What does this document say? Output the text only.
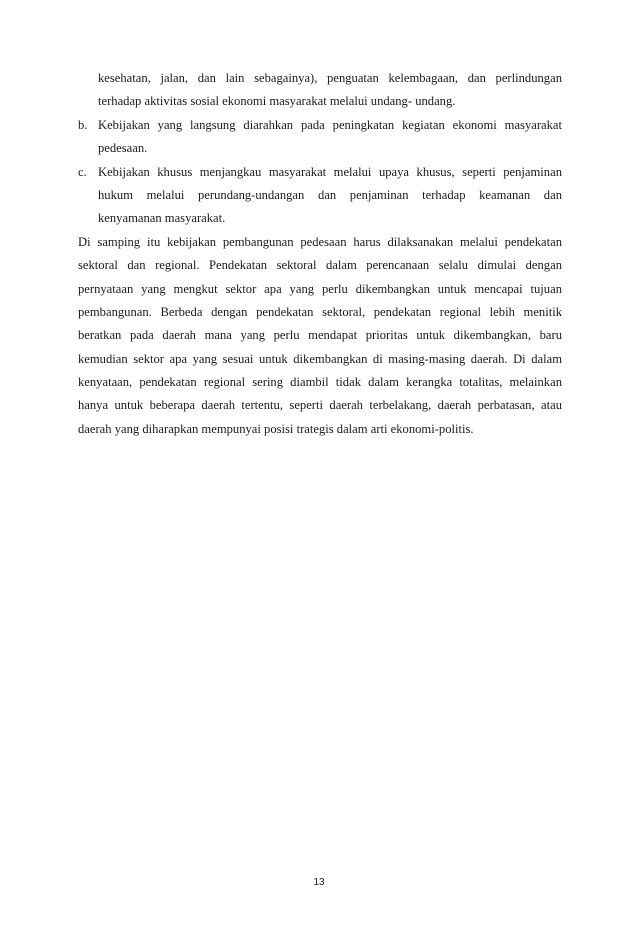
kesehatan, jalan, dan lain sebagainya), penguatan kelembagaan, dan perlindungan
terhadap aktivitas sosial ekonomi masyarakat melalui undang- undang.
b. Kebijakan yang langsung diarahkan pada peningkatan kegiatan ekonomi masyarakat
pedesaan.
c. Kebijakan khusus menjangkau masyarakat melalui upaya khusus, seperti penjaminan
hukum melalui perundang-undangan dan penjaminan terhadap keamanan dan
kenyamanan masyarakat.
Di samping itu kebijakan pembangunan pedesaan harus dilaksanakan melalui pendekatan
sektoral dan regional. Pendekatan sektoral dalam perencanaan selalu dimulai dengan
pernyataan yang mengkut sektor apa yang perlu dikembangkan untuk mencapai tujuan
pembangunan. Berbeda dengan pendekatan sektoral, pendekatan regional lebih menitik
beratkan pada daerah mana yang perlu mendapat prioritas untuk dikembangkan, baru
kemudian sektor apa yang sesuai untuk dikembangkan di masing-masing daerah. Di dalam
kenyataan, pendekatan regional sering diambil tidak dalam kerangka totalitas, melainkan
hanya untuk beberapa daerah tertentu, seperti daerah terbelakang, daerah perbatasan, atau
daerah yang diharapkan mempunyai posisi trategis dalam arti ekonomi-politis.
13
